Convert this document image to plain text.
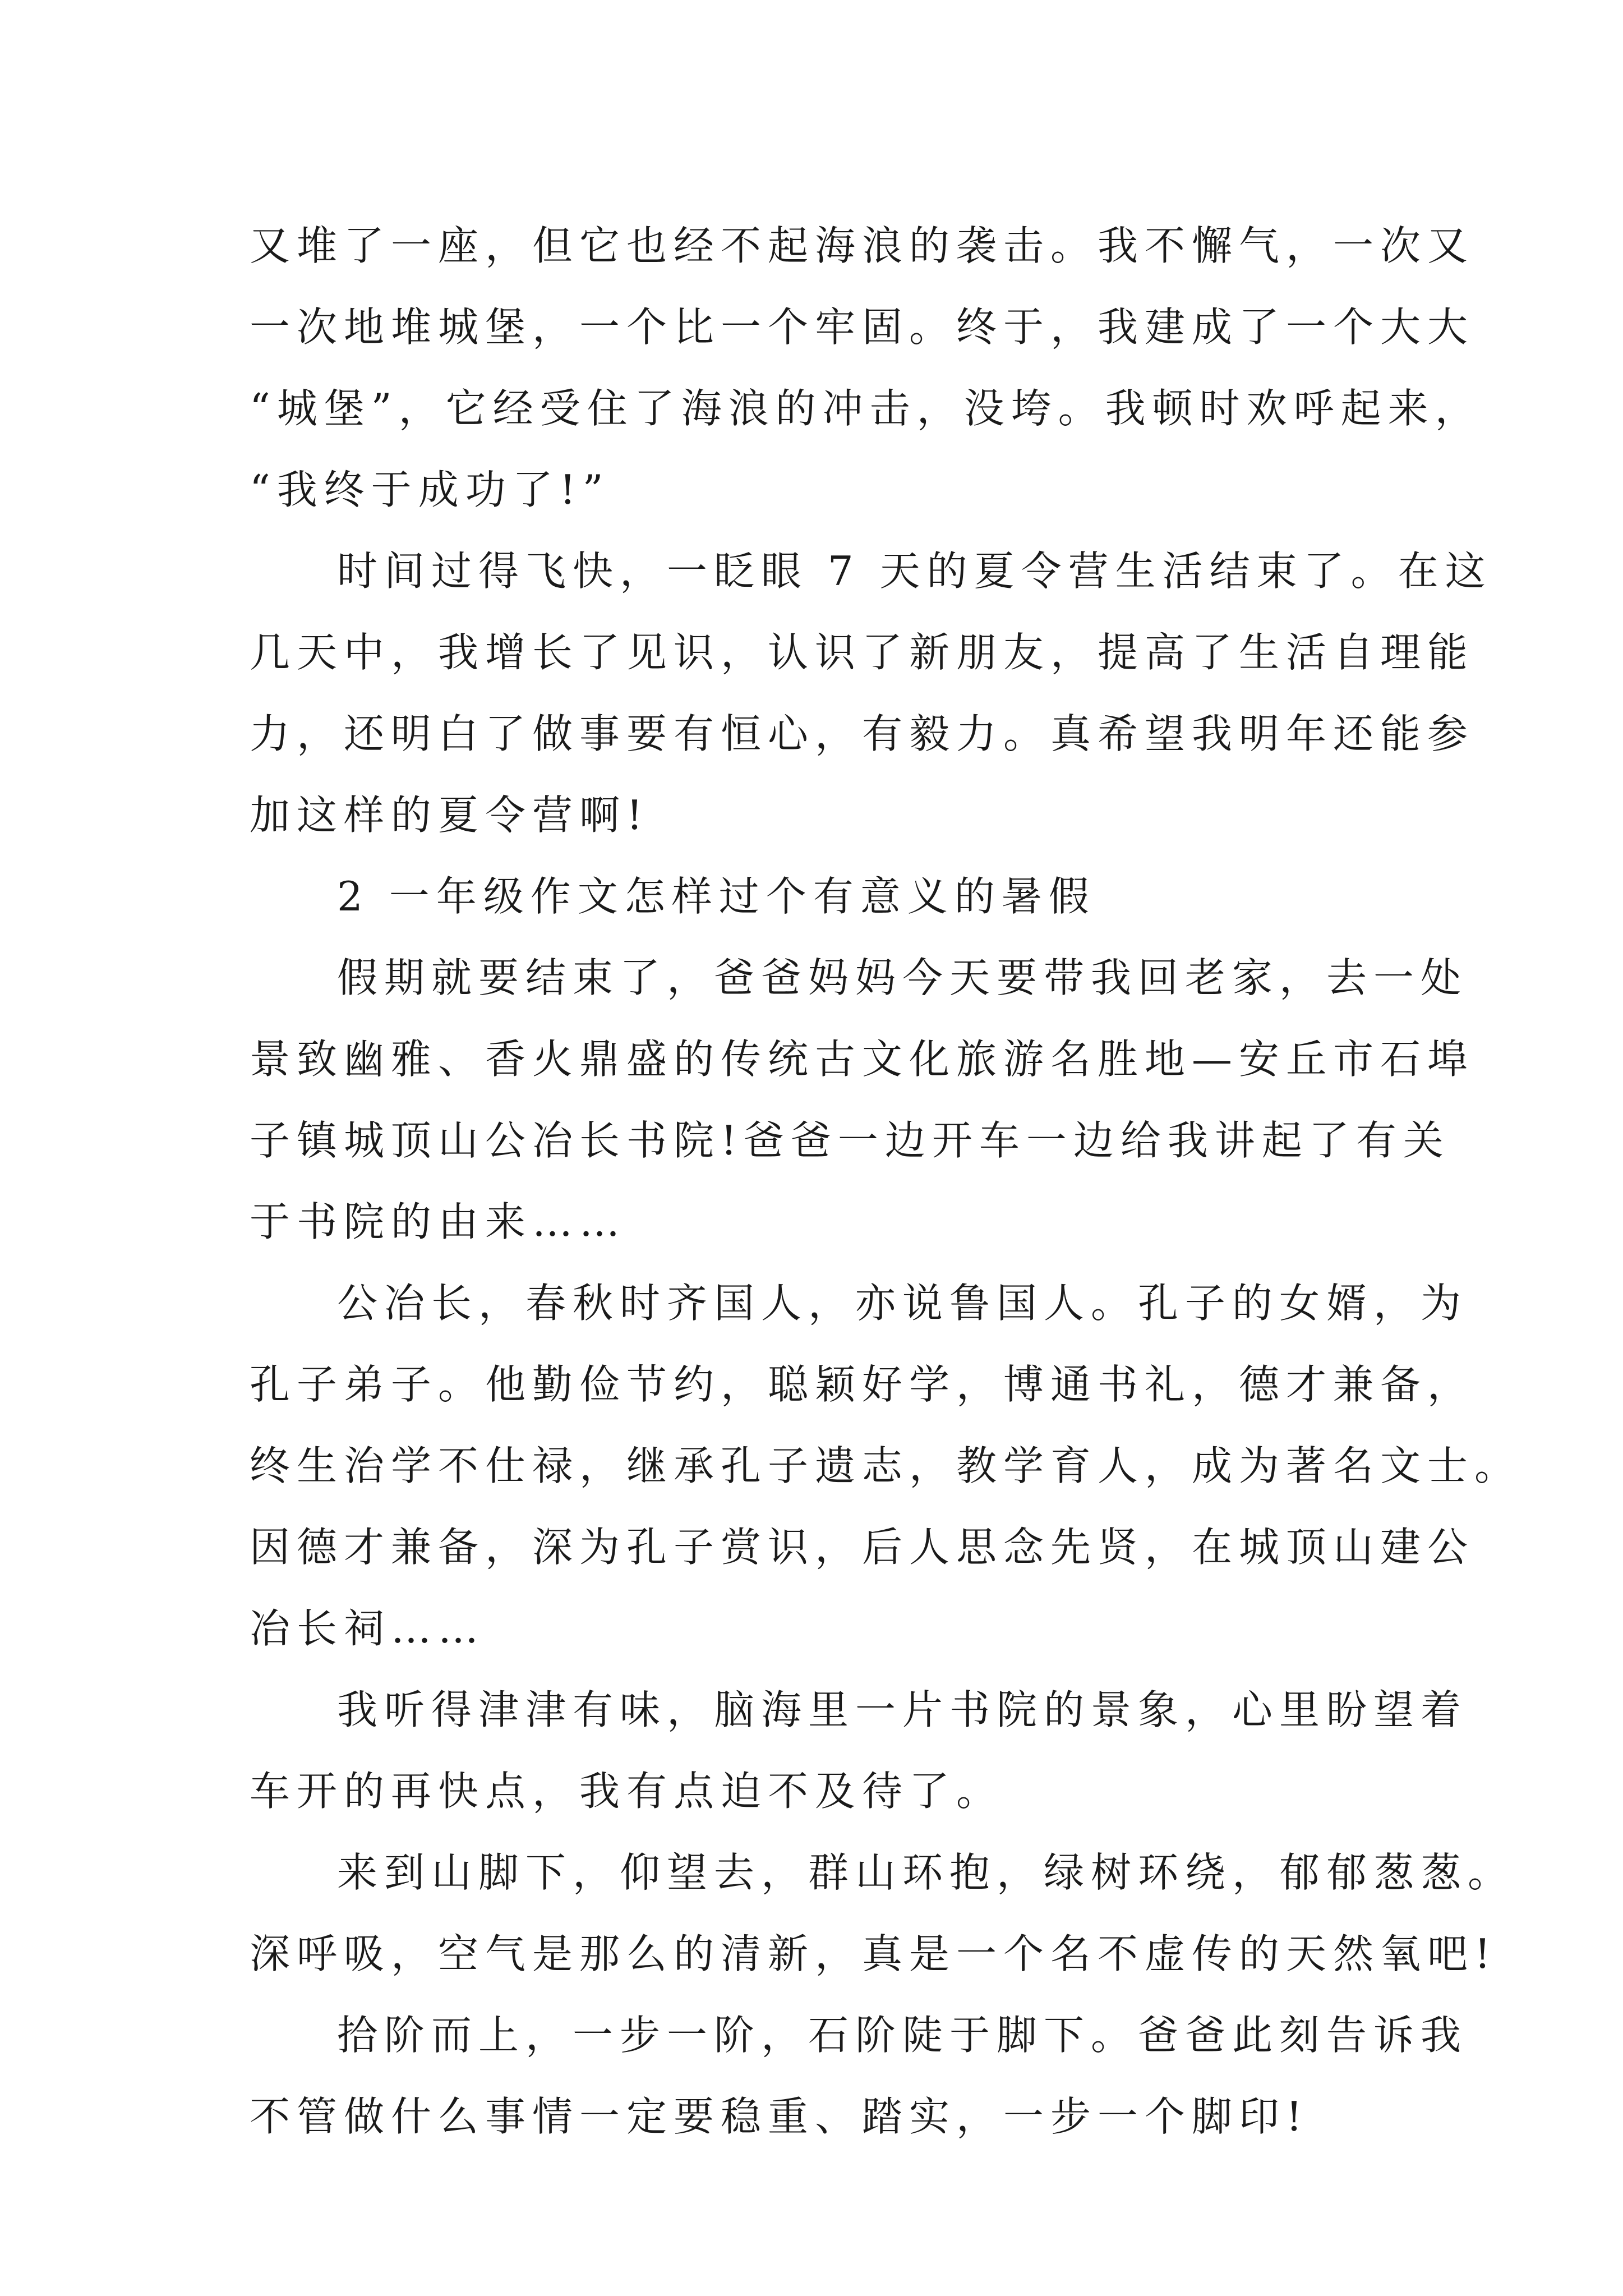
又堆了一座，但它也经不起海浪的袭击。我不懈气，一次又
一次地堆城堡，一个比一个牢固。终于，我建成了一个大大
“城堡”，它经受住了海浪的冲击，没垮。我顿时欢呼起来，
“我终于成功了!”
时间过得飞快，一眨眼 7 天的夏令营生活结束了。在这
几天中，我增长了见识，认识了新朋友，提高了生活自理能
力，还明白了做事要有恒心，有毅力。真希望我明年还能参
加这样的夏令营啊!
2 一年级作文怎样过个有意义的暑假
假期就要结束了，爸爸妈妈今天要带我回老家，去一处
景致幽雅、香火鼎盛的传统古文化旅游名胜地—安丘市石埠
子镇城顶山公冶长书院!爸爸一边开车一边给我讲起了有关
于书院的由来……
公冶长，春秋时齐国人，亦说鲁国人。孔子的女婿，为
孔子弟子。他勤俭节约，聪颖好学，博通书礼，德才兼备，
终生治学不仕禄，继承孔子遗志，教学育人，成为著名文士。
因德才兼备，深为孔子赏识，后人思念先贤，在城顶山建公
冶长祠……
我听得津津有味，脑海里一片书院的景象，心里盼望着
车开的再快点，我有点迫不及待了。
来到山脚下，仰望去，群山环抱，绿树环绕，郁郁葱葱。
深呼吸，空气是那么的清新，真是一个名不虚传的天然氧吧!
拾阶而上，一步一阶，石阶陡于脚下。爸爸此刻告诉我
不管做什么事情一定要稳重、踏实，一步一个脚印!
